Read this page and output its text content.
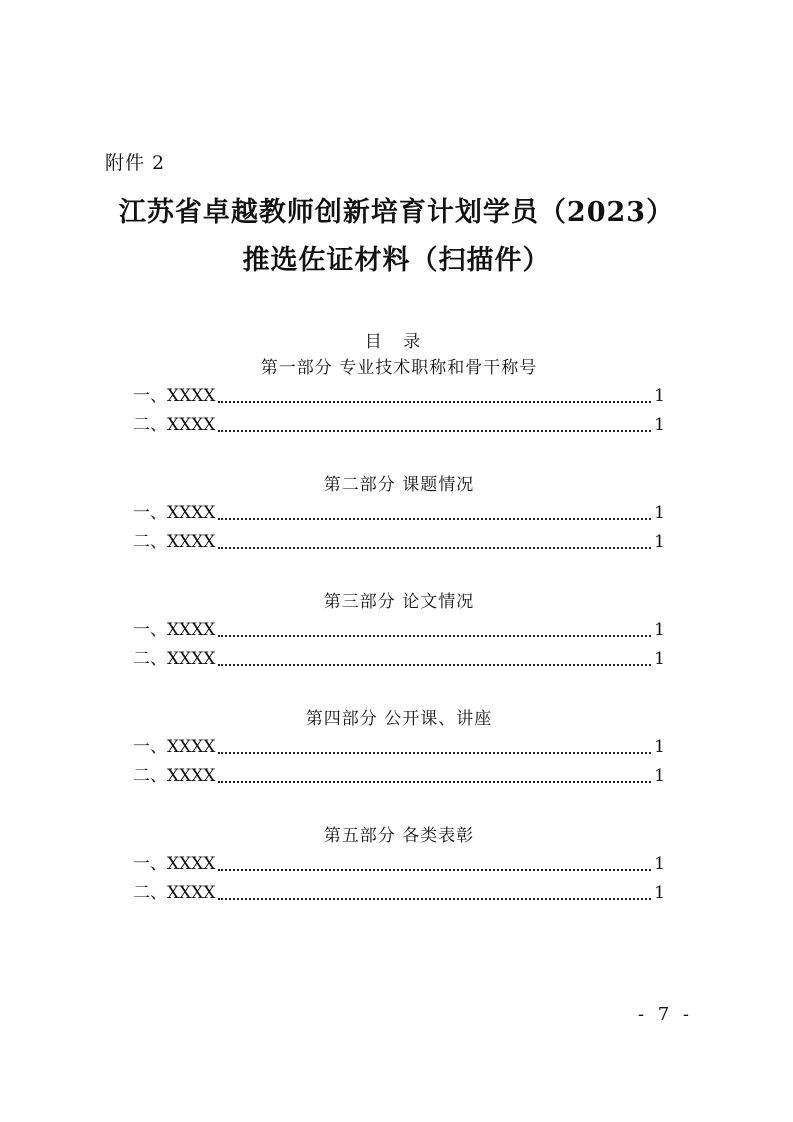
附件 2
江苏省卓越教师创新培育计划学员（2023）
推选佐证材料（扫描件）
目 录
第一部分 专业技术职称和骨干称号
一、XXXX	1
二、XXXX	1
第二部分 课题情况
一、XXXX	1
二、XXXX	1
第三部分 论文情况
一、XXXX	1
二、XXXX	1
第四部分 公开课、讲座
一、XXXX	1
二、XXXX	1
第五部分 各类表彰
一、XXXX	1
二、XXXX	1
- 7 -
